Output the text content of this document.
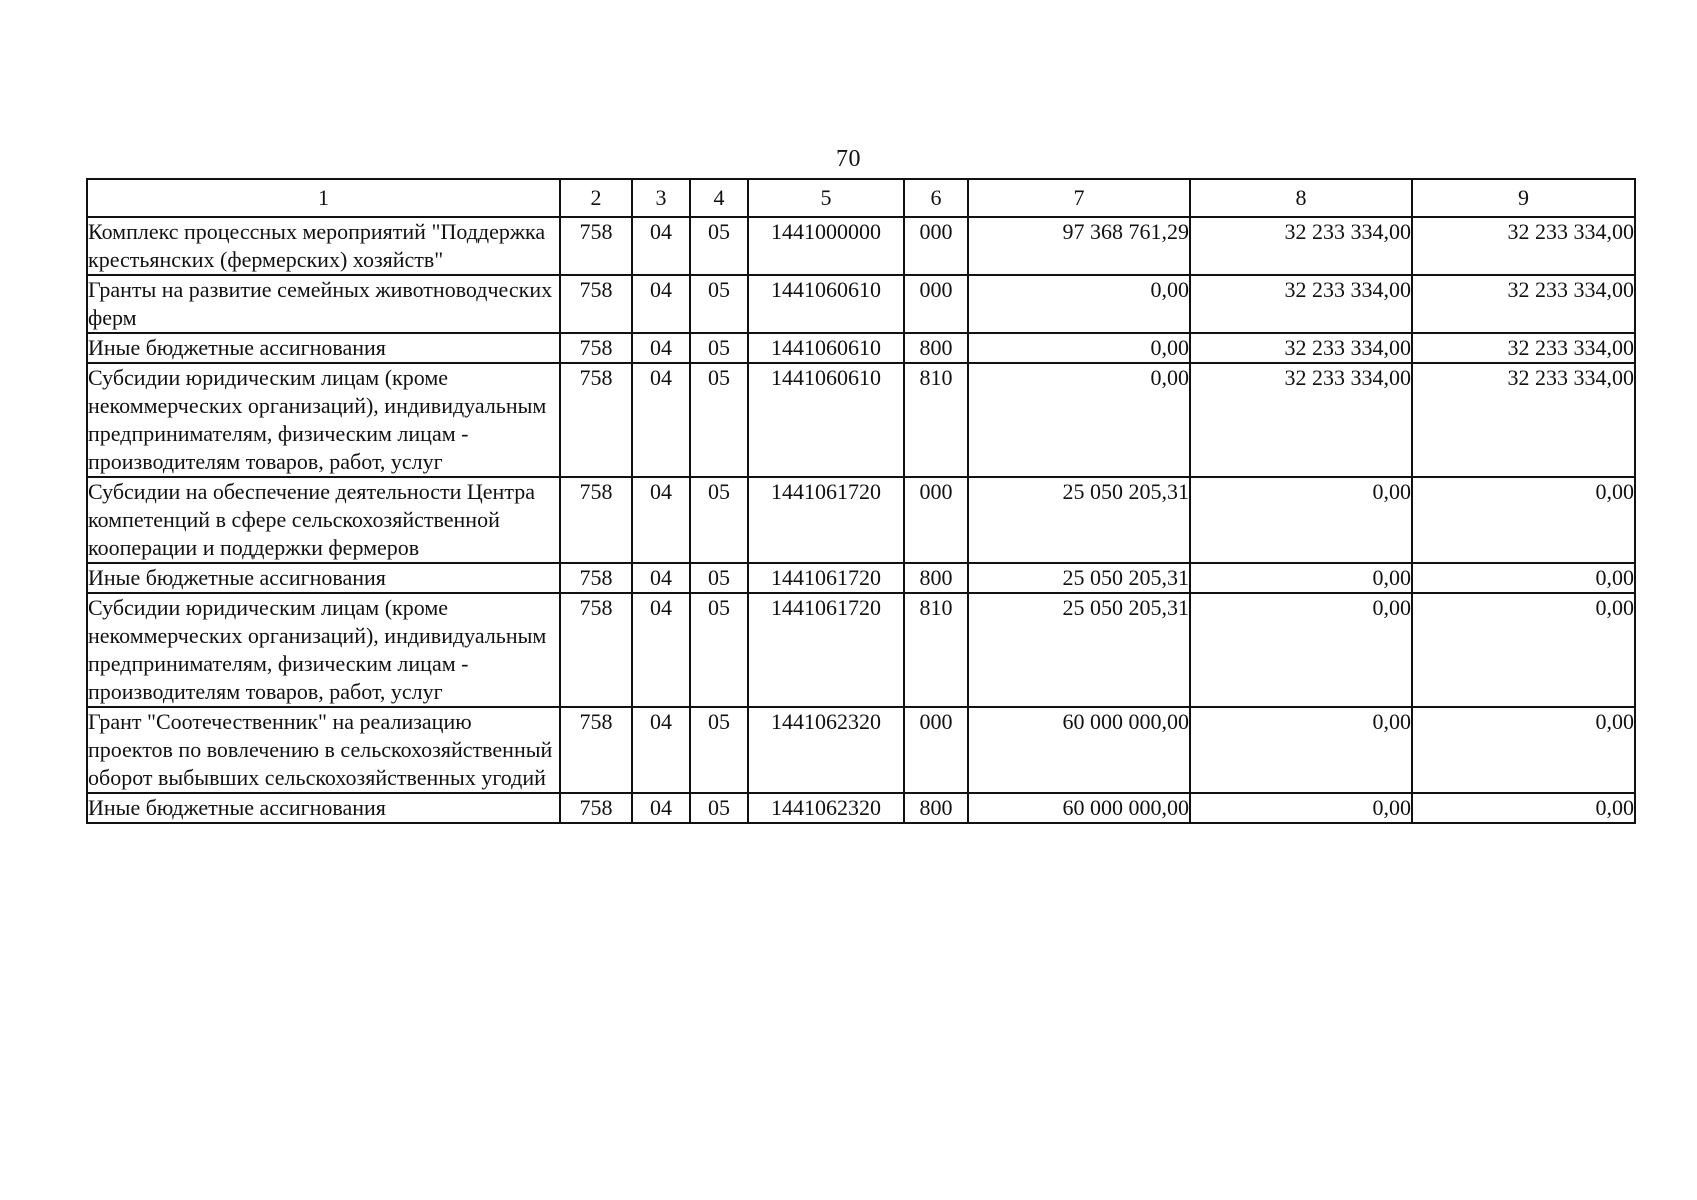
70
1	2	3	4	5	6	7	8	9
Комплекс процессных мероприятий "Поддержка крестьянских (фермерских) хозяйств"	758	04	05	1441000000	000	97 368 761,29	32 233 334,00	32 233 334,00
Гранты на развитие семейных животноводческих ферм	758	04	05	1441060610	000	0,00	32 233 334,00	32 233 334,00
Иные бюджетные ассигнования	758	04	05	1441060610	800	0,00	32 233 334,00	32 233 334,00
Субсидии юридическим лицам (кроме некоммерческих организаций), индивидуальным предпринимателям, физическим лицам - производителям товаров, работ, услуг	758	04	05	1441060610	810	0,00	32 233 334,00	32 233 334,00
Субсидии на обеспечение деятельности Центра компетенций в сфере сельскохозяйственной кооперации и поддержки фермеров	758	04	05	1441061720	000	25 050 205,31	0,00	0,00
Иные бюджетные ассигнования	758	04	05	1441061720	800	25 050 205,31	0,00	0,00
Субсидии юридическим лицам (кроме некоммерческих организаций), индивидуальным предпринимателям, физическим лицам - производителям товаров, работ, услуг	758	04	05	1441061720	810	25 050 205,31	0,00	0,00
Грант "Соотечественник" на реализацию проектов по вовлечению в сельскохозяйственный оборот выбывших сельскохозяйственных угодий	758	04	05	1441062320	000	60 000 000,00	0,00	0,00
Иные бюджетные ассигнования	758	04	05	1441062320	800	60 000 000,00	0,00	0,00
